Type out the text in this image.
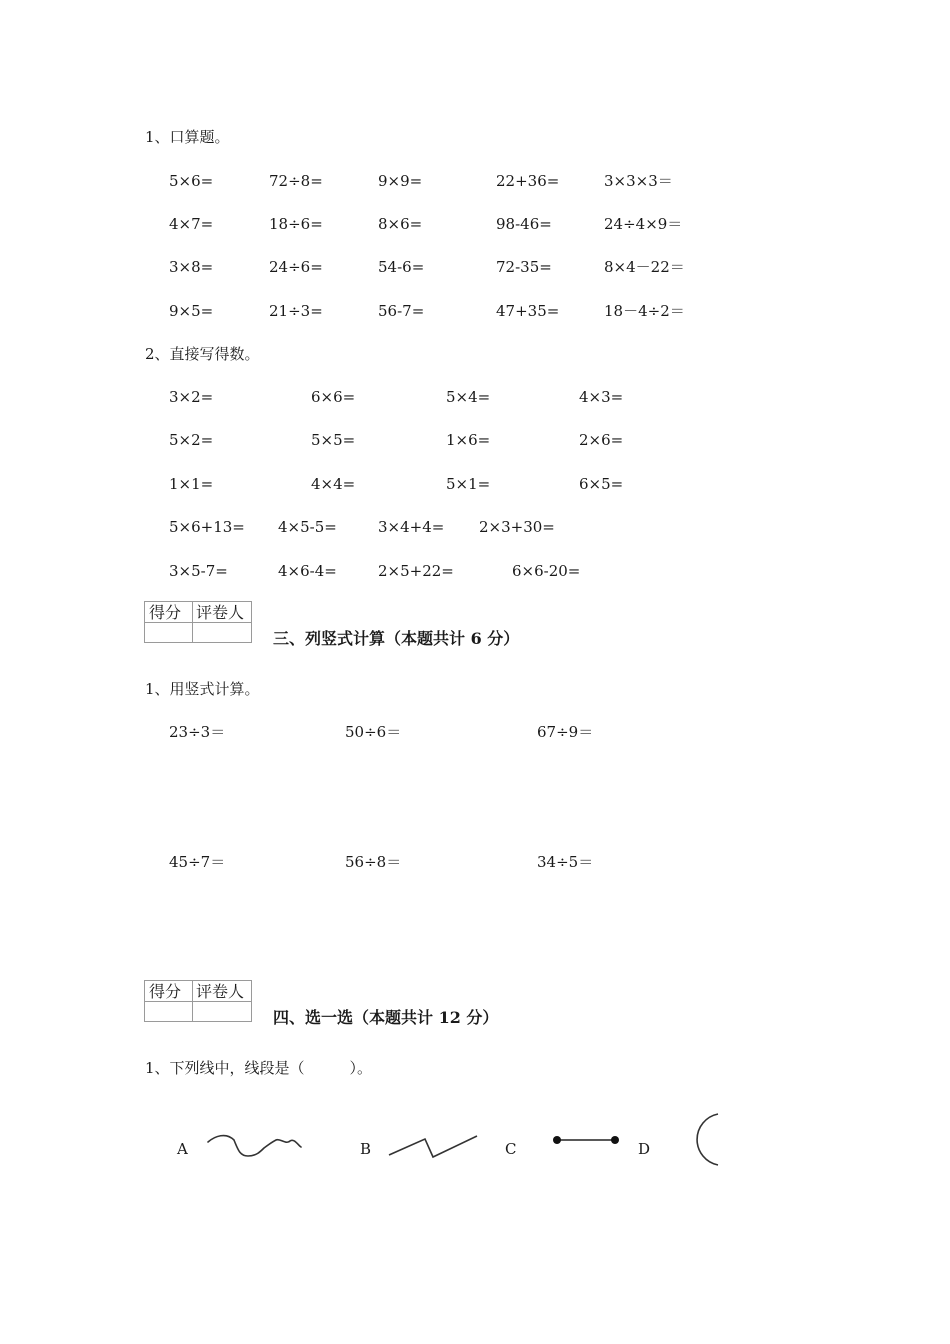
1、口算题。
5×6=	72÷8=	9×9=	22+36=	3×3×3＝
4×7=	18÷6=	8×6=	98-46=	24÷4×9＝
3×8=	24÷6=	54-6=	72-35=	8×4－22＝
9×5=	21÷3=	56-7=	47+35=	18－4÷2＝
2、直接写得数。
3×2=	6×6=	5×4=	4×3=
5×2=	5×5=	1×6=	2×6=
1×1=	4×4=	5×1=	6×5=
5×6+13= 4×5-5=	3×4+4= 2×3+30=
3×5-7=	4×6-4=	2×5+22=	6×6-20=
得分 评卷人
三、列竖式计算（本题共计 6 分）
1、用竖式计算。
23÷3＝	50÷6＝	67÷9＝
45÷7＝	56÷8＝	34÷5＝
得分 评卷人
四、选一选（本题共计 12 分）
1、下列线中，线段是（　　　）。
A	B	C	D
